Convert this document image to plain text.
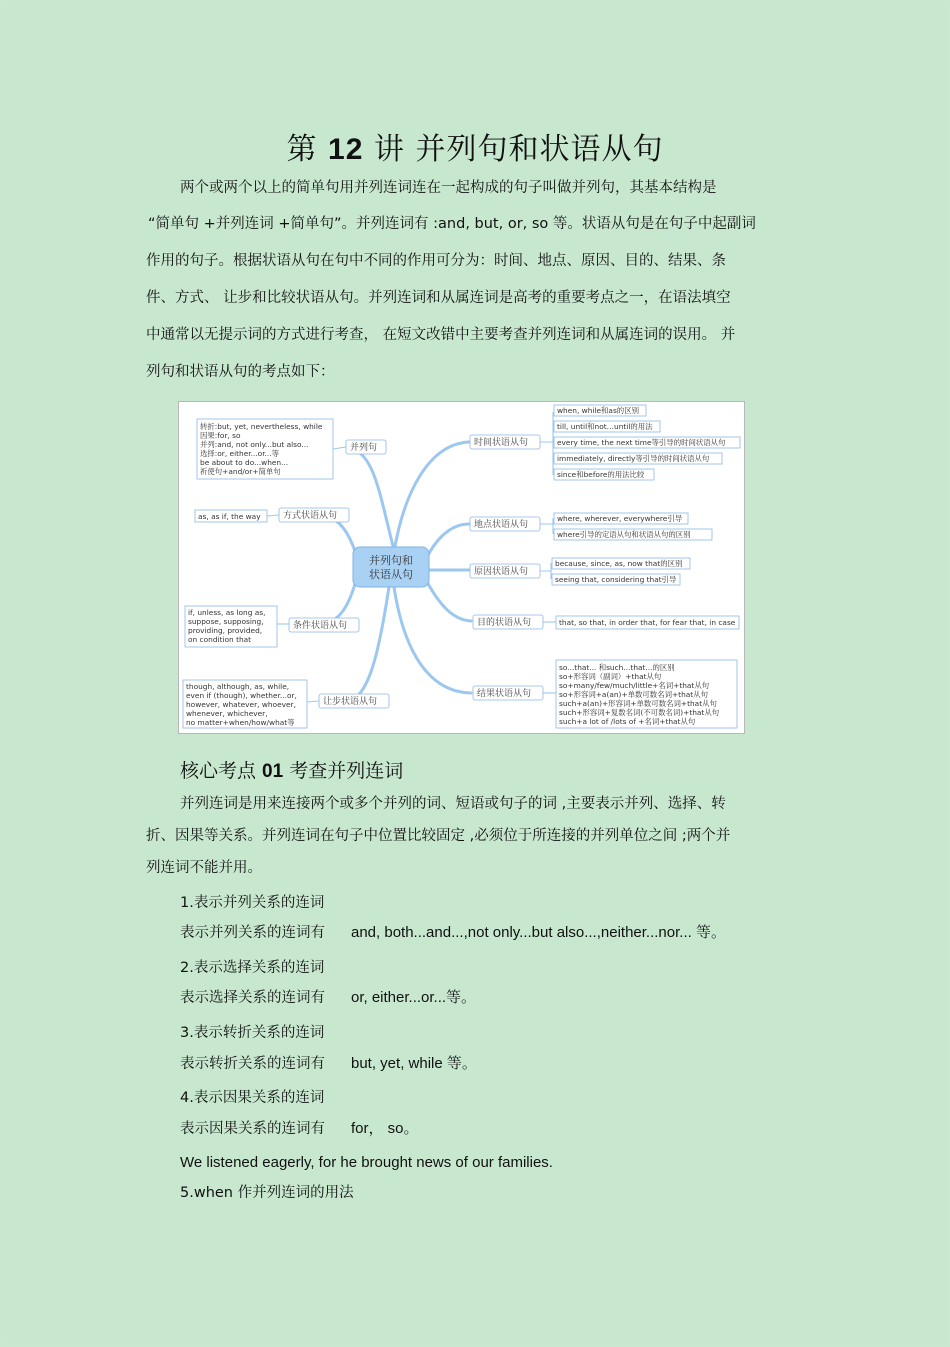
第 12 讲 并列句和状语从句
两个或两个以上的简单句用并列连词连在一起构成的句子叫做并列句，其基本结构是
“简单句 +并列连词 +简单句”。并列连词有 :and, but, or, so 等。状语从句是在句子中起副词
作用的句子。根据状语从句在句中不同的作用可分为：时间、地点、原因、目的、结果、条
件、方式、 让步和比较状语从句。并列连词和从属连词是高考的重要考点之一，在语法填空
中通常以无提示词的方式进行考查， 在短文改错中主要考查并列连词和从属连词的误用。 并
列句和状语从句的考点如下：
并列句和
状语从句
并列句
转折:but, yet, nevertheless, while
因果:for, so
并列:and, not only...but also...
选择:or, either...or...等
be about to do...when...
祈使句+and/or+简单句
方式状语从句
as, as if, the way
条件状语从句
if, unless, as long as,
suppose, supposing,
providing, provided,
on condition that
让步状语从句
though, although, as, while,
even if (though), whether...or,
however, whatever, whoever,
whenever, whichever,
no matter+when/how/what等
时间状语从句
when, while和as的区别
till, until和not…until的用法
every time, the next time等引导的时间状语从句
immediately, directly等引导的时间状语从句
since和before的用法比较
地点状语从句
where, wherever, everywhere引导
where引导的定语从句和状语从句的区别
原因状语从句
because, since, as, now that的区别
seeing that, considering that引导
目的状语从句	that, so that, in order that, for fear that, in case
结果状语从句
so...that... 和such...that...的区别
so+形容词（副词）+that从句
so+many/few/much/little+名词+that从句
so+形容词+a(an)+单数可数名词+that从句
such+a(an)+形容词+单数可数名词+that从句
such+形容词+复数名词(不可数名词)+that从句
such+a lot of /lots of +名词+that从句
核心考点 01 考查并列连词
并列连词是用来连接两个或多个并列的词、短语或句子的词 ,主要表示并列、选择、转
折、因果等关系。并列连词在句子中位置比较固定 ,必须位于所连接的并列单位之间 ;两个并
列连词不能并用。
1.表示并列关系的连词
表示并列关系的连词有 and, both...and...,not only...but also...,neither...nor... 等。
2.表示选择关系的连词
表示选择关系的连词有 or, either...or...等。
3.表示转折关系的连词
表示转折关系的连词有 but, yet, while 等。
4.表示因果关系的连词
表示因果关系的连词有 for， so。
We listened eagerly, for he brought news of our families.
5.when 作并列连词的用法
